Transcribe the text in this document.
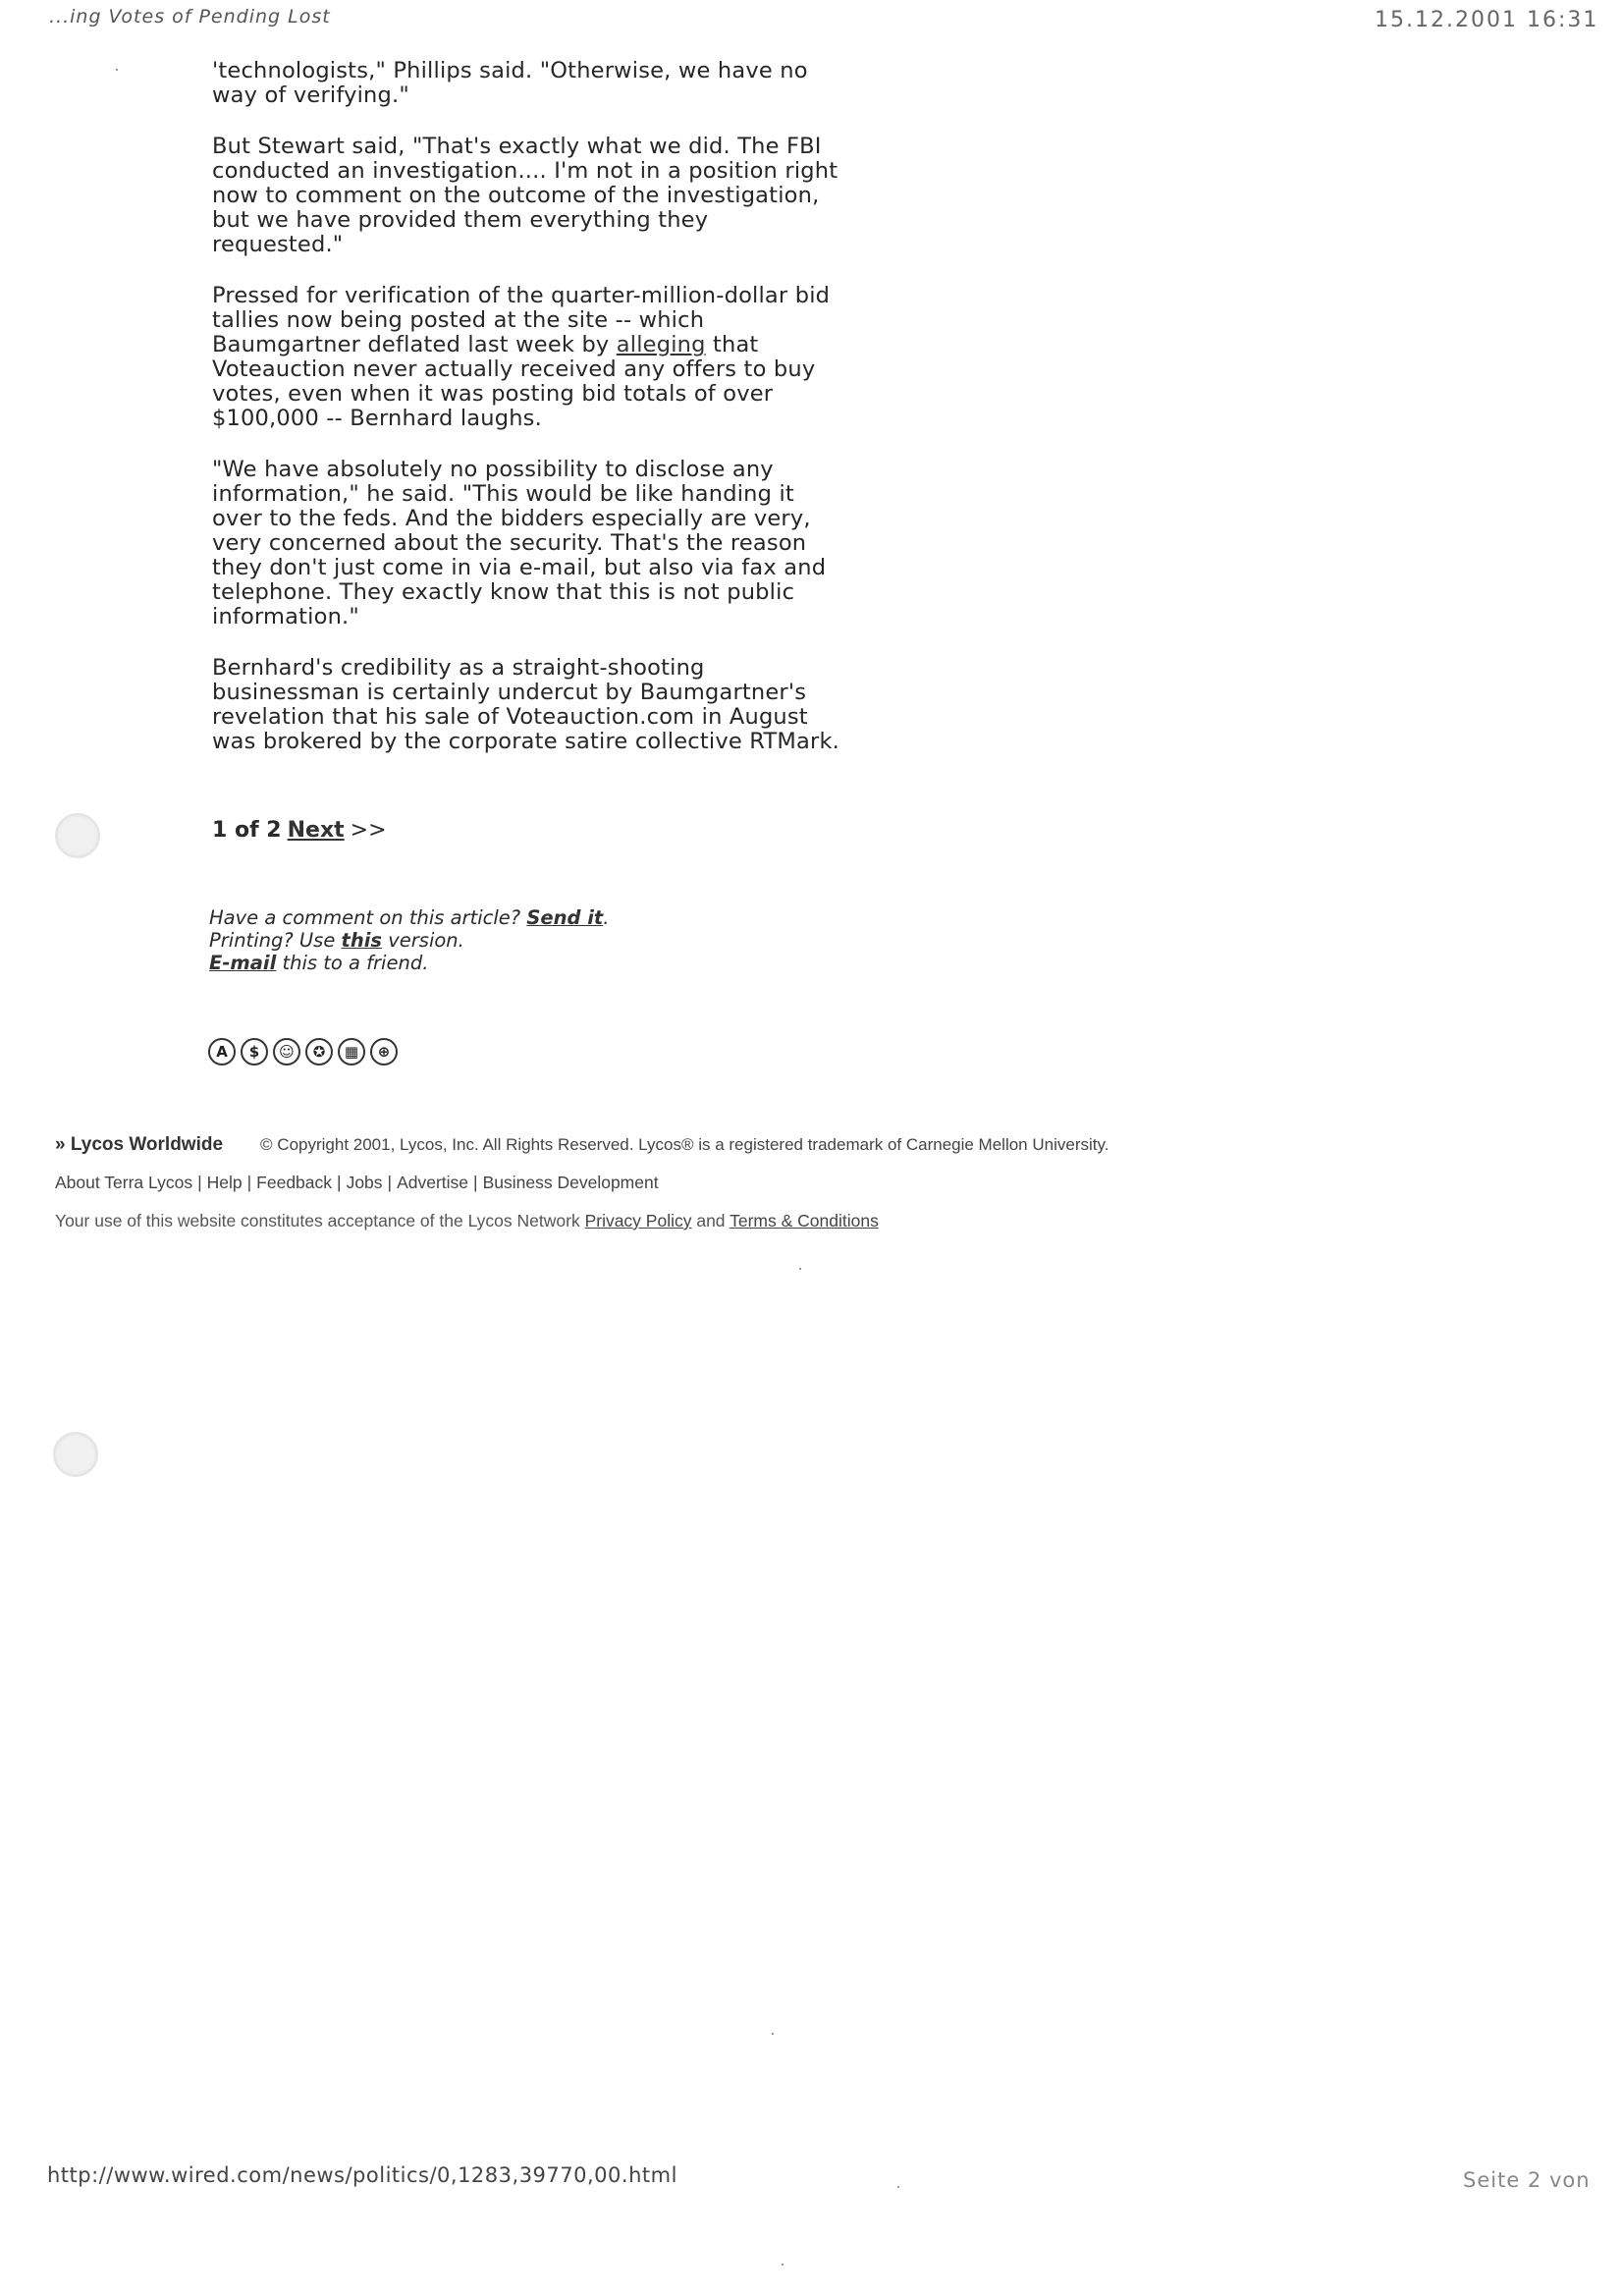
...ing Votes of Pending Lost	15.12.2001 16:31

'technologists," Phillips said. "Otherwise, we have no way of verifying."

But Stewart said, "That's exactly what we did. The FBI conducted an investigation.... I'm not in a position right now to comment on the outcome of the investigation, but we have provided them everything they requested."

Pressed for verification of the quarter-million-dollar bid tallies now being posted at the site -- which Baumgartner deflated last week by alleging that Voteauction never actually received any offers to buy votes, even when it was posting bid totals of over $100,000 -- Bernhard laughs.

"We have absolutely no possibility to disclose any information," he said. "This would be like handing it over to the feds. And the bidders especially are very, very concerned about the security. That's the reason they don't just come in via e-mail, but also via fax and telephone. They exactly know that this is not public information."

Bernhard's credibility as a straight-shooting businessman is certainly undercut by Baumgartner's revelation that his sale of Voteauction.com in August was brokered by the corporate satire collective RTMark.

1 of 2 Next >>
Have a comment on this article? Send it.
Printing? Use this version.
E-mail this to a friend.
A	$	☺	✪	▦	⊕
» Lycos Worldwide © Copyright 2001, Lycos, Inc. All Rights Reserved. Lycos® is a registered trademark of Carnegie Mellon University.
About Terra Lycos | Help | Feedback | Jobs | Advertise | Business Development
Your use of this website constitutes acceptance of the Lycos Network Privacy Policy and Terms & Conditions
http://www.wired.com/news/politics/0,1283,39770,00.html	Seite 2 von
